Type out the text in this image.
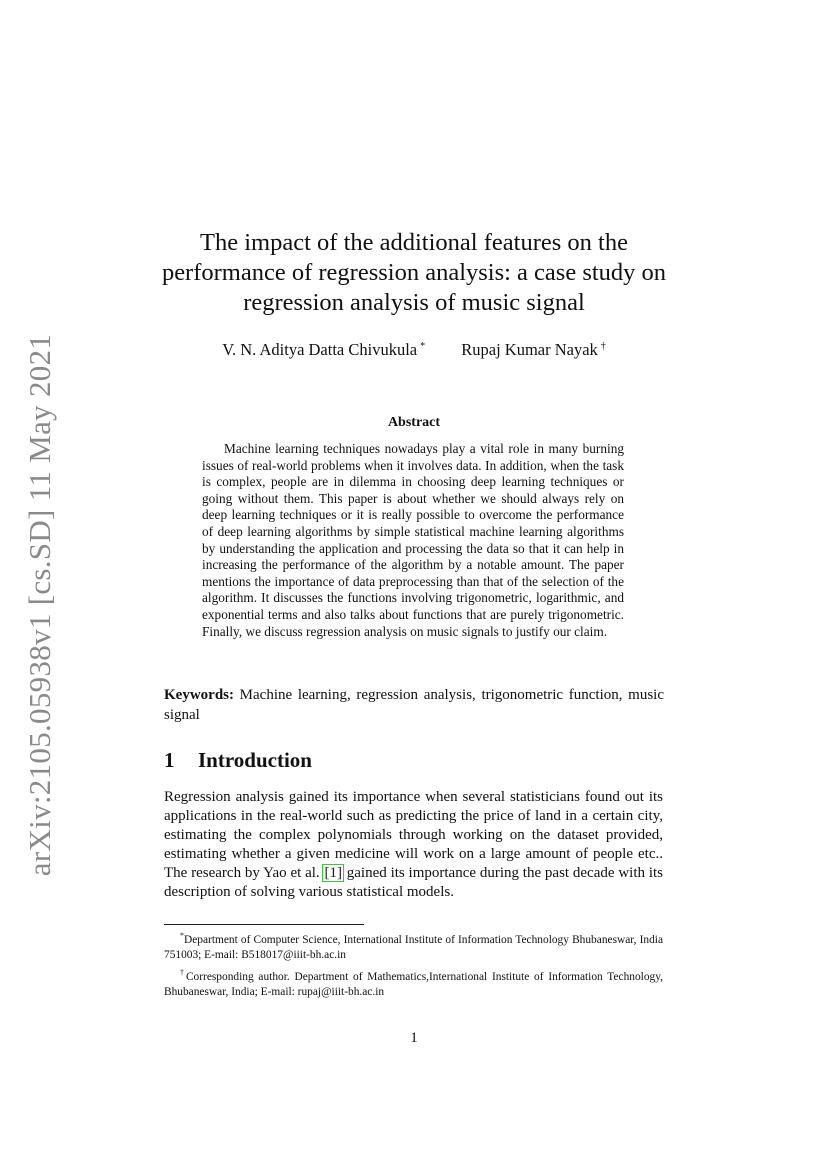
arXiv:2105.05938v1 [cs.SD] 11 May 2021
The impact of the additional features on the performance of regression analysis: a case study on regression analysis of music signal
V. N. Aditya Datta Chivukula * Rupaj Kumar Nayak †
Abstract
Machine learning techniques nowadays play a vital role in many burning issues of real-world problems when it involves data. In addition, when the task is complex, people are in dilemma in choosing deep learning techniques or going without them. This paper is about whether we should always rely on deep learning techniques or it is really possible to overcome the performance of deep learning algorithms by simple statistical machine learning algorithms by understanding the application and processing the data so that it can help in increasing the performance of the algorithm by a notable amount. The paper mentions the importance of data preprocessing than that of the selection of the algorithm. It discusses the functions involving trigonometric, logarithmic, and exponential terms and also talks about functions that are purely trigonometric. Finally, we discuss regression analysis on music signals to justify our claim.
Keywords: Machine learning, regression analysis, trigonometric function, music signal
1 Introduction
Regression analysis gained its importance when several statisticians found out its applications in the real-world such as predicting the price of land in a certain city, estimating the complex polynomials through working on the dataset provided, estimating whether a given medicine will work on a large amount of people etc.. The research by Yao et al. [1] gained its importance during the past decade with its description of solving various statistical models.
*Department of Computer Science, International Institute of Information Technology Bhubaneswar, India 751003; E-mail: B518017@iiit-bh.ac.in
†Corresponding author. Department of Mathematics,International Institute of Information Technology, Bhubaneswar, India; E-mail: rupaj@iiit-bh.ac.in
1
